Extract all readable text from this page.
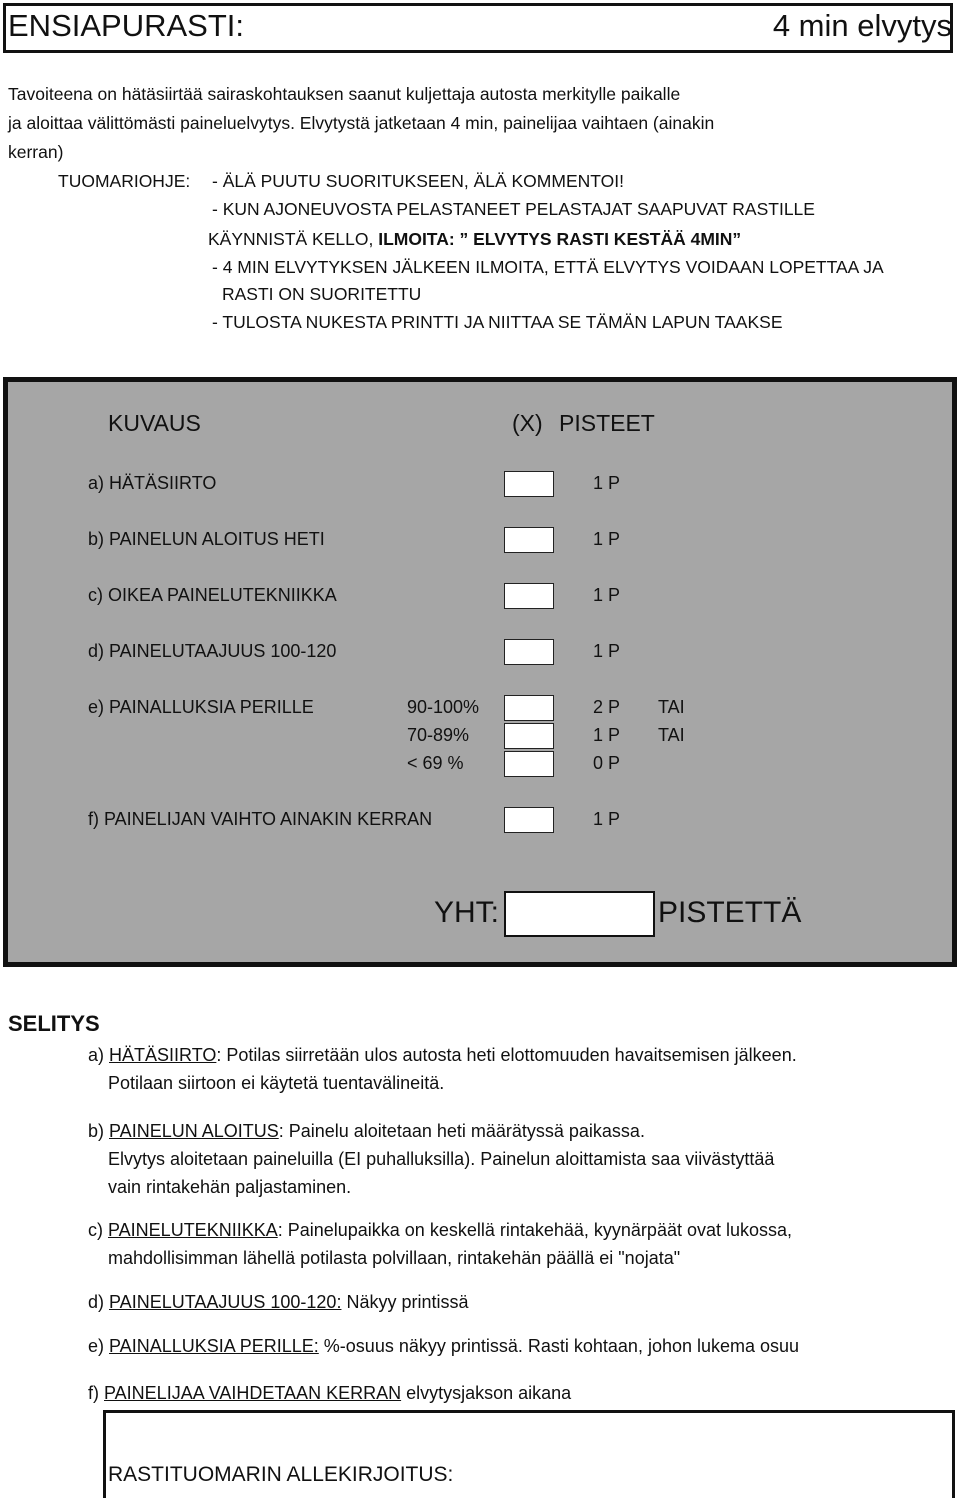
ENSIAPURASTI:	4 min elvytys
Tavoiteena on hätäsiirtää sairaskohtauksen saanut kuljettaja autosta merkitylle paikalle
ja aloittaa välittömästi paineluelvytys. Elvytystä jatketaan 4 min, painelijaa vaihtaen (ainakin
kerran)
TUOMARIOHJE: - ÄLÄ PUUTU SUORITUKSEEN, ÄLÄ KOMMENTOI!
- KUN AJONEUVOSTA PELASTANEET PELASTAJAT SAAPUVAT RASTILLE
KÄYNNISTÄ KELLO, ILMOITA: ” ELVYTYS RASTI KESTÄÄ 4MIN”
- 4 MIN ELVYTYKSEN JÄLKEEN ILMOITA, ETTÄ ELVYTYS VOIDAAN LOPETTAA JA
RASTI ON SUORITETTU
- TULOSTA NUKESTA PRINTTI JA NIITTAA SE TÄMÄN LAPUN TAAKSE
KUVAUS	(X) PISTEET
a) HÄTÄSIIRTO	1 P
b) PAINELUN ALOITUS HETI	1 P
c) OIKEA PAINELUTEKNIIKKA	1 P
d) PAINELUTAAJUUS 100-120	1 P
e) PAINALLUKSIA PERILLE	90-100%	2 P TAI
70-89%	1 P TAI
< 69 %	0 P
f) PAINELIJAN VAIHTO AINAKIN KERRAN	1 P
YHT:	PISTETTÄ
SELITYS
a) HÄTÄSIIRTO: Potilas siirretään ulos autosta heti elottomuuden havaitsemisen jälkeen.
Potilaan siirtoon ei käytetä tuentavälineitä.
b) PAINELUN ALOITUS: Painelu aloitetaan heti määrätyssä paikassa.
Elvytys aloitetaan paineluilla (EI puhalluksilla). Painelun aloittamista saa viivästyttää
vain rintakehän paljastaminen.
c) PAINELUTEKNIIKKA: Painelupaikka on keskellä rintakehää, kyynärpäät ovat lukossa,
mahdollisimman lähellä potilasta polvillaan, rintakehän päällä ei "nojata"
d) PAINELUTAAJUUS 100-120: Näkyy printissä
e) PAINALLUKSIA PERILLE: %-osuus näkyy printissä. Rasti kohtaan, johon lukema osuu
f) PAINELIJAA VAIHDETAAN KERRAN elvytysjakson aikana
RASTITUOMARIN ALLEKIRJOITUS:
